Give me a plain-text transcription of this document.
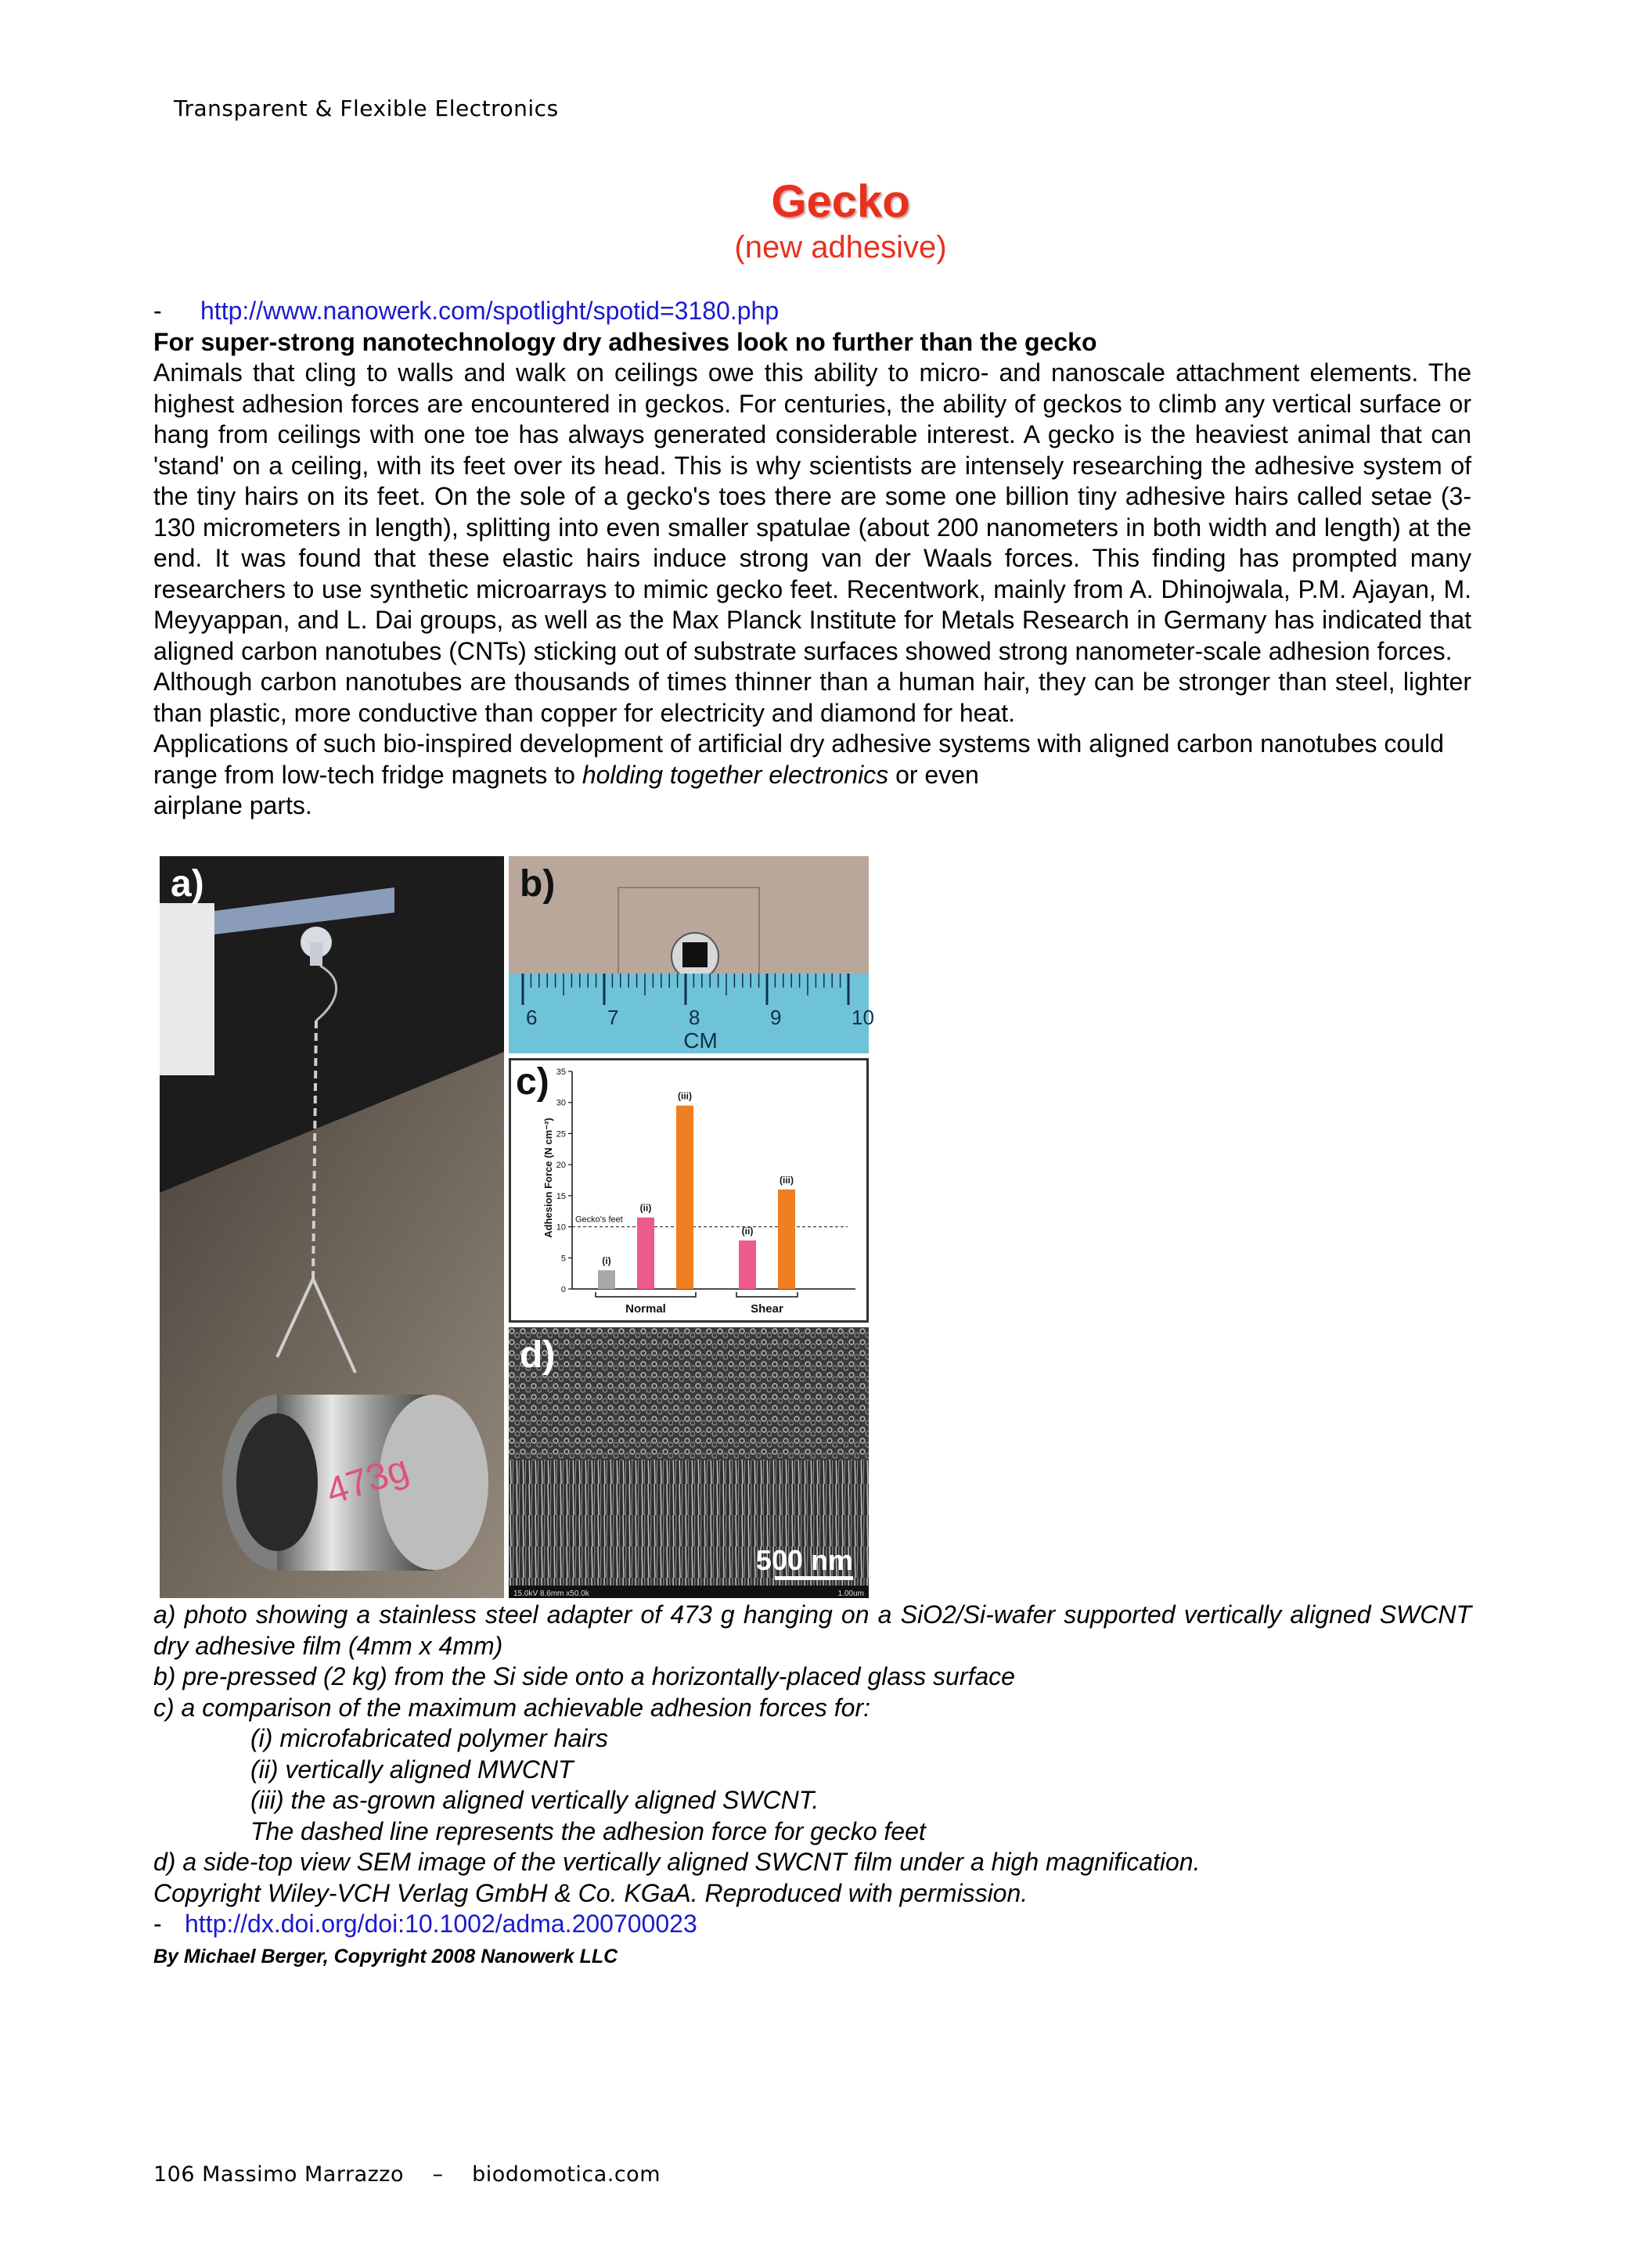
Transparent & Flexible Electronics
Gecko
(new adhesive)

- http://www.nanowerk.com/spotlight/spotid=3180.php

For super-strong nanotechnology dry adhesives look no further than the gecko

Animals that cling to walls and walk on ceilings owe this ability to micro- and nanoscale attachment elements. The highest adhesion forces are encountered in geckos. For centuries, the ability of geckos to climb any vertical surface or hang from ceilings with one toe has always generated considerable interest. A gecko is the heaviest animal that can 'stand' on a ceiling, with its feet over its head. This is why scientists are intensely researching the adhesive system of the tiny hairs on its feet. On the sole of a gecko's toes there are some one billion tiny adhesive hairs called setae (3-130 micrometers in length), splitting into even smaller spatulae (about 200 nanometers in both width and length) at the end. It was found that these elastic hairs induce strong van der Waals forces. This finding has prompted many researchers to use synthetic microarrays to mimic gecko feet. Recentwork, mainly from A. Dhinojwala, P.M. Ajayan, M. Meyyappan, and L. Dai groups, as well as the Max Planck Institute for Metals Research in Germany has indicated that aligned carbon nanotubes (CNTs) sticking out of substrate surfaces showed strong nanometer-scale adhesion forces.

Although carbon nanotubes are thousands of times thinner than a human hair, they can be stronger than steel, lighter than plastic, more conductive than copper for electricity and diamond for heat.

Applications of such bio-inspired development of artificial dry adhesive systems with aligned carbon nanotubes could range from low-tech fridge magnets to holding together electronics or even

airplane parts.

473g
a)
6	7	8	9	10
CM
b)
Adhesion Force (N cm⁻²)
0
5
10
15
20
25
30
35
Gecko's feet
(i)
(ii)
(iii)
(ii)
(iii)
Normal	Shear
c)
500 nm
15.0kV 8.6mm x50.0k	1.00um
d)

a) photo showing a stainless steel adapter of 473 g hanging on a SiO2/Si-wafer supported vertically aligned SWCNT dry adhesive film (4mm x 4mm)

b) pre-pressed (2 kg) from the Si side onto a horizontally-placed glass surface

c) a comparison of the maximum achievable adhesion forces for:

(i) microfabricated polymer hairs

(ii) vertically aligned MWCNT

(iii) the as-grown aligned vertically aligned SWCNT.

The dashed line represents the adhesion force for gecko feet

d) a side-top view SEM image of the vertically aligned SWCNT film under a high magnification.

Copyright Wiley-VCH Verlag GmbH & Co. KGaA. Reproduced with permission.

- http://dx.doi.org/doi:10.1002/adma.200700023

By Michael Berger, Copyright 2008 Nanowerk LLC

106 Massimo Marrazzo 　–　 biodomotica.com
